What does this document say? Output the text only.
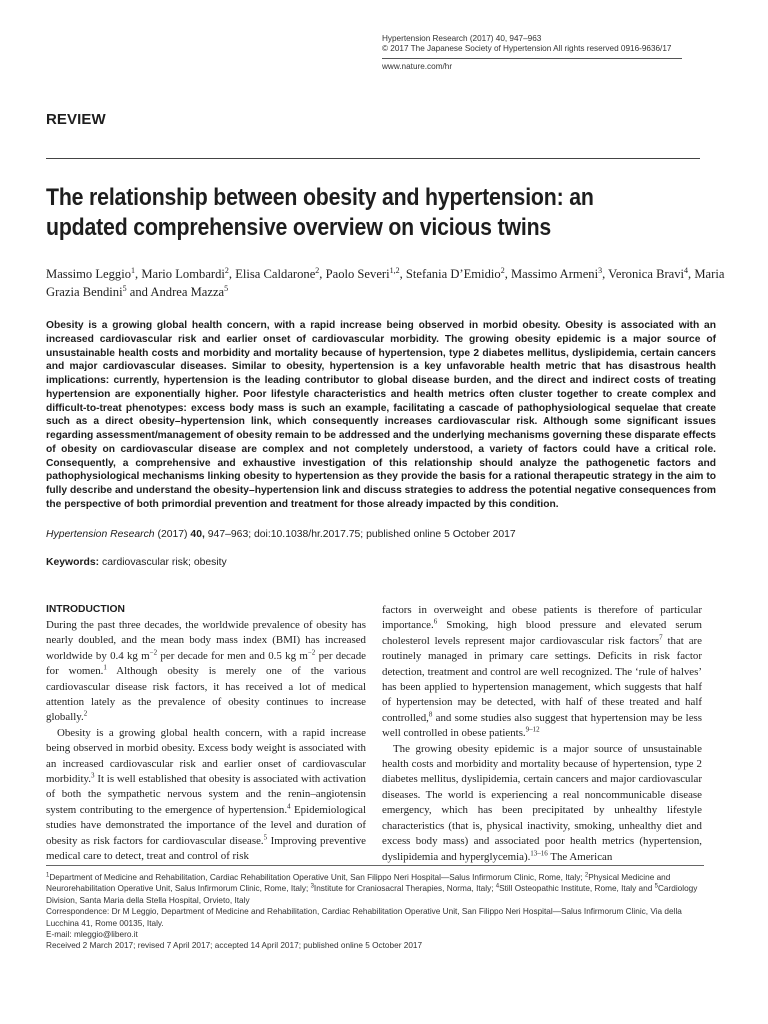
Hypertension Research (2017) 40, 947–963
© 2017 The Japanese Society of Hypertension All rights reserved 0916-9636/17
www.nature.com/hr
REVIEW
The relationship between obesity and hypertension: an
updated comprehensive overview on vicious twins
Massimo Leggio$^1$, Mario Lombardi$^2$, Elisa Caldarone$^2$, Paolo Severi$^{1,2}$, Stefania D’Emidio$^2$, Massimo Armeni$^3$, Veronica Bravi$^4$, Maria Grazia Bendini$^5$ and Andrea Mazza$^5$
Obesity is a growing global health concern, with a rapid increase being observed in morbid obesity. Obesity is associated with an increased cardiovascular risk and earlier onset of cardiovascular morbidity. The growing obesity epidemic is a major source of unsustainable health costs and morbidity and mortality because of hypertension, type 2 diabetes mellitus, dyslipidemia, certain cancers and major cardiovascular diseases. Similar to obesity, hypertension is a key unfavorable health metric that has disastrous health implications: currently, hypertension is the leading contributor to global disease burden, and the direct and indirect costs of treating hypertension are exponentially higher. Poor lifestyle characteristics and health metrics often cluster together to create complex and difficult-to-treat phenotypes: excess body mass is such an example, facilitating a cascade of pathophysiological sequelae that create such as a direct obesity–hypertension link, which consequently increases cardiovascular risk. Although some significant issues regarding assessment/management of obesity remain to be addressed and the underlying mechanisms governing these disparate effects of obesity on cardiovascular disease are complex and not completely understood, a variety of factors could have a critical role. Consequently, a comprehensive and exhaustive investigation of this relationship should analyze the pathogenetic factors and pathophysiological mechanisms linking obesity to hypertension as they provide the basis for a rational therapeutic strategy in the aim to fully describe and understand the obesity–hypertension link and discuss strategies to address the potential negative consequences from the perspective of both primordial prevention and treatment for those already impacted by this condition.
Hypertension Research (2017) 40, 947–963; doi:10.1038/hr.2017.75; published online 5 October 2017
Keywords: cardiovascular risk; obesity
INTRODUCTION

During the past three decades, the worldwide prevalence of obesity has nearly doubled, and the mean body mass index (BMI) has increased worldwide by 0.4 kg $m^{-2}$ per decade for men and 0.5 kg $m^{-2}$ per decade for women.$^1$ Although obesity is merely one of the various cardiovascular disease risk factors, it has received a lot of medical attention lately as the prevalence of obesity continues to increase globally.$^2$

Obesity is a growing global health concern, with a rapid increase being observed in morbid obesity. Excess body weight is associated with an increased cardiovascular risk and earlier onset of cardiovascular morbidity.$^3$ It is well established that obesity is associated with activation of both the sympathetic nervous system and the renin–angiotensin system contributing to the emergence of hypertension.$^4$ Epidemiological studies have demonstrated the importance of the level and duration of obesity as risk factors for cardiovascular disease.$^5$ Improving preventive medical care to detect, treat and control of risk

factors in overweight and obese patients is therefore of particular importance.$^6$ Smoking, high blood pressure and elevated serum cholesterol levels represent major cardiovascular risk factors$^7$ that are routinely managed in primary care settings. Deficits in risk factor detection, treatment and control are well recognized. The ‘rule of halves’ has been applied to hypertension management, which suggests that half of hypertension may be detected, with half of these treated and half controlled,$^8$ and some studies also suggest that hypertension may be less well controlled in obese patients.$^{9-12}$

The growing obesity epidemic is a major source of unsustainable health costs and morbidity and mortality because of hypertension, type 2 diabetes mellitus, dyslipidemia, certain cancers and major cardiovascular diseases. The world is experiencing a real noncommunicable disease emergency, which has been precipitated by unhealthy lifestyle characteristics (that is, physical inactivity, smoking, unhealthy diet and excess body mass) and associated poor health metrics (hypertension, dyslipidemia and hyperglycemia).$^{13-16}$ The American

$^1$Department of Medicine and Rehabilitation, Cardiac Rehabilitation Operative Unit, San Filippo Neri Hospital—Salus Infirmorum Clinic, Rome, Italy; $^2$Physical Medicine and Neurorehabilitation Operative Unit, Salus Infirmorum Clinic, Rome, Italy; $^3$Institute for Craniosacral Therapies, Norma, Italy; $^4$Still Osteopathic Institute, Rome, Italy and $^5$Cardiology Division, Santa Maria della Stella Hospital, Orvieto, Italy

Correspondence: Dr M Leggio, Department of Medicine and Rehabilitation, Cardiac Rehabilitation Operative Unit, San Filippo Neri Hospital—Salus Infirmorum Clinic, Via della Lucchina 41, Rome 00135, Italy.

E-mail: mleggio@libero.it

Received 2 March 2017; revised 7 April 2017; accepted 14 April 2017; published online 5 October 2017
